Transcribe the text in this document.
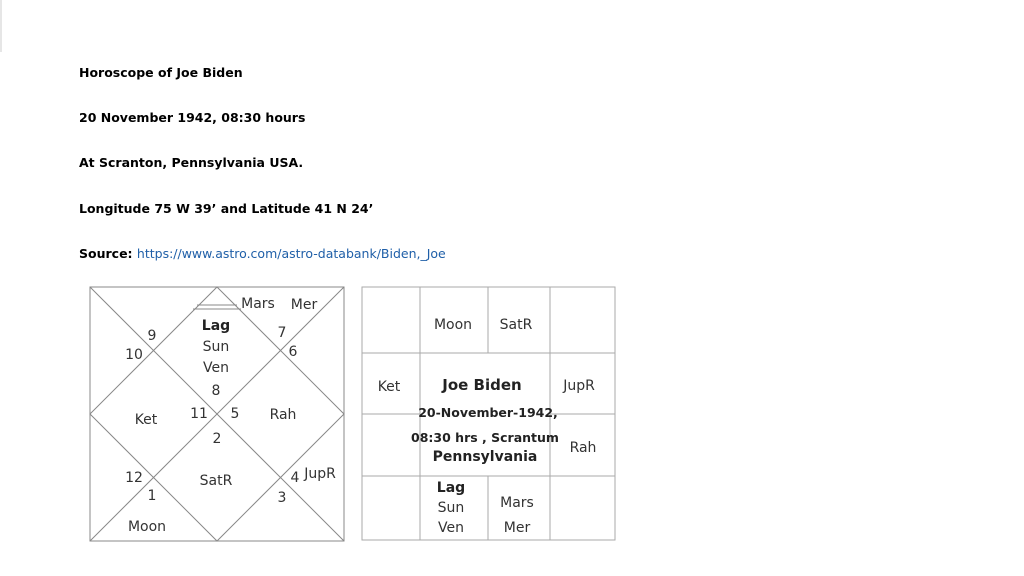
Horoscope of Joe Biden
20 November 1942, 08:30 hours
At Scranton, Pennsylvania USA.
Longitude 75 W 39’ and Latitude 41 N 24’
Source: https://www.astro.com/astro-databank/Biden,_Joe
Lag
Sun
Ven
8
Mars Mer
7
6
9
10
Ket 11 5 Rah
2
SatR
12
1
Moon
4 JupR
3
Moon SatR
Ket	JupR
Rah
Joe Biden
20-November-1942,
08:30 hrs , Scrantum
Pennsylvania
Lag
Sun
Ven
Mars
Mer
